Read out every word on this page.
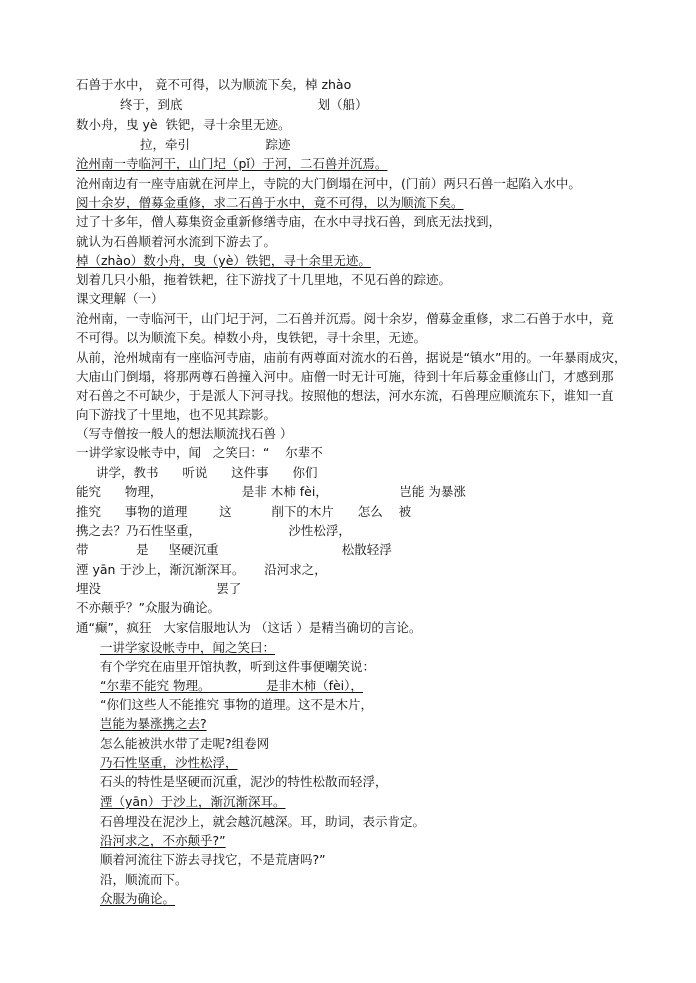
石兽于水中， 竟不可得，以为顺流下矣，棹 zhào
终于，到底                                  划（船）
数小舟，曳 yè  铁钯，寻十余里无迹。
拉，牵引                   踪迹
沧州南一寺临河干，山门圮（pǐ）于河，二石兽并沉焉。
沧州南边有一座寺庙就在河岸上，寺院的大门倒塌在河中，(门前）两只石兽一起陷入水中。
阅十余岁，僧募金重修，求二石兽于水中，竟不可得，以为顺流下矣。
过了十多年，僧人募集资金重新修缮寺庙，在水中寻找石兽，到底无法找到，
就认为石兽顺着河水流到下游去了。
棹（zhào）数小舟，曳（yè）铁钯，寻十余里无迹。
划着几只小船，拖着铁耙，往下游找了十几里地，不见石兽的踪迹。
课文理解（一）
沧州南，一寺临河干，山门圮于河，二石兽并沉焉。阅十余岁，僧募金重修，求二石兽于水中，竟
不可得。以为顺流下矣。棹数小舟，曳铁钯，寻十余里，无迹。
从前，沧州城南有一座临河寺庙，庙前有两尊面对流水的石兽，据说是“镇水”用的。一年暴雨成灾，
大庙山门倒塌，将那两尊石兽撞入河中。庙僧一时无计可施，待到十年后募金重修山门，才感到那
对石兽之不可缺少，于是派人下河寻找。按照他的想法，河水东流，石兽理应顺流东下，谁知一直
向下游找了十里地，也不见其踪影。
（写寺僧按一般人的想法顺流找石兽 ）
一讲学家设帐寺中，闻   之笑曰：“    尔辈不
讲学，教书      听说      这件事      你们
能究      物理，                    是非 木柿 fèi，                  岂能 为暴涨
推究      事物的道理        这          削下的木片      怎么    被
携之去？乃石性坚重，                      沙性松浮，
带            是     坚硬沉重                               松散轻浮
湮 yān 于沙上，渐沉渐深耳。     沿河求之，
埋没                             罢了
不亦颠乎？”众服为确论。
通“癫”，疯狂   大家信服地认为 （这话 ）是精当确切的言论。
一讲学家设帐寺中，闻之笑曰：
有个学究在庙里开馆执教，听到这件事便嘲笑说：
“尔辈不能究 物理。              是非木柿（fèi），
“你们这些人不能推究 事物的道理。这不是木片，
岂能为暴涨携之去?
怎么能被洪水带了走呢?组卷网
乃石性坚重，沙性松浮，
石头的特性是坚硬而沉重，泥沙的特性松散而轻浮，
湮（yān）于沙上，渐沉渐深耳。
石兽埋没在泥沙上，就会越沉越深。耳，助词，表示肯定。
沿河求之，不亦颠乎?”
顺着河流往下游去寻找它，不是荒唐吗?”
沿，顺流而下。
众服为确论。
